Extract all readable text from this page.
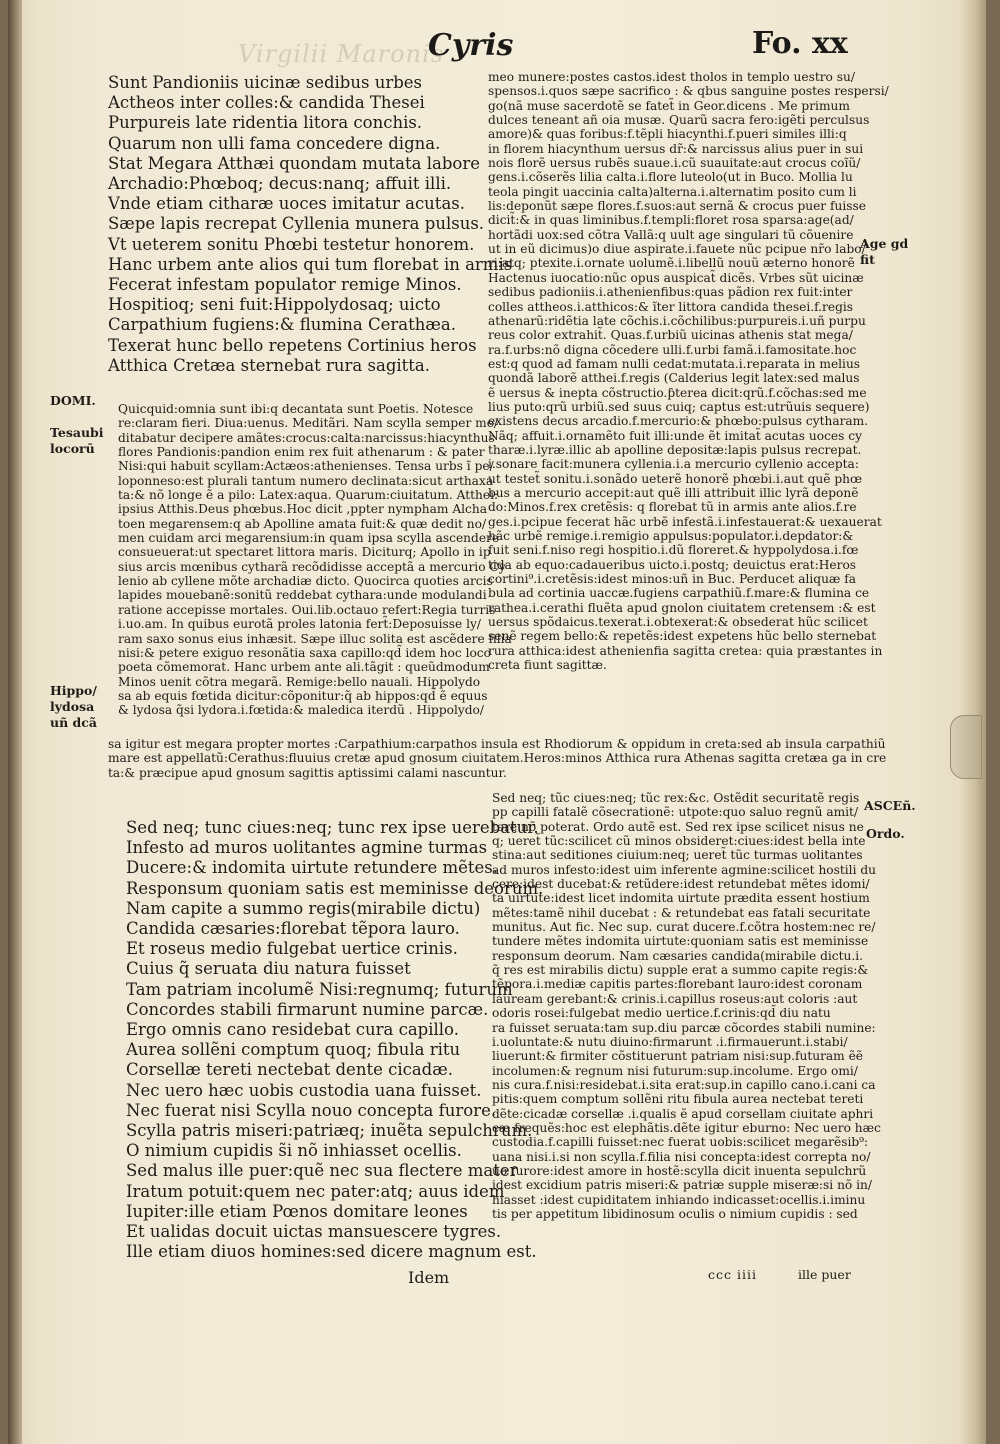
Virgilii Maronis
Cyris	Fo. xx
Sunt Pandioniis uicinæ sedibus urbes
Actheos inter colles:& candida Thesei
Purpureis late ridentia litora conchis.
Quarum non ulli fama concedere digna.
Stat Megara Atthæi quondam mutata labore
Archadio:Phœboq; decus:nanq; affuit illi.
Vnde etiam citharæ uoces imitatur acutas.
Sæpe lapis recrepat Cyllenia munera pulsus.
Vt ueterem sonitu Phœbi testetur honorem.
Hanc urbem ante alios qui tum florebat in armis
Fecerat infestam populator remige Minos.
Hospitioq; seni fuit:Hippolydosaq; uicto
Carpathium fugiens:& flumina Cerathæa.
Texerat hunc bello repetens Cortinius heros
Atthica Cretæa sternebat rura sagitta.
Quicquid:omnia sunt ibi:q decantata sunt Poetis. Notesce
re:claram fieri. Diua:uenus. Meditãri. Nam scylla semper me/
ditabatur decipere amãtes:crocus:calta:narcissus:hiacynthus
flores Pandionis:pandion enim rex fuit athenarum : & pater
Nisi:qui habuit scyllam:Actæos:athenienses. Tensa urbs ĩ pe/
loponneso:est plurali tantum numero declinata:sicut arthaxa
ta:& nõ longe ẽ a pilo: Latex:aqua. Quarum:ciuitatum. Atthei:
ipsius Atthis.Deus phœbus.Hoc dicit ,ppter nympham Alcha
toen megarensem:q ab Apolline amata fuit:& quæ dedit no/
men cuidam arci megarensium:in quam ipsa scylla ascendere
consueuerat:ut spectaret littora maris. Diciturq; Apollo in ip
sius arcis mœnibus cytharã recõdidisse acceptã a mercurio Cy
lenio ab cyllene mõte archadiæ dicto. Quocirca quoties arcis
lapides mouebanẽ:sonitũ reddebat cythara:unde modulandi
ratione accepisse mortales. Oui.lib.octauo refert:Regia turris
i.uo.am. In quibus eurotã proles latonia fert̃:Deposuisse ly/
ram saxo sonus eius inhæsit. Sæpe illuc solita est ascẽdere filia
nisi:& petere exiguo resonãtia saxa capillo:qd̃ idem hoc loco
poeta cõmemorat. Hanc urbem ante ali.tãgit : queũdmodum
Minos uenit cõtra megarã. Remige:bello nauali. Hippolydo
sa ab equis fœtida dicitur:cõponitur:q̃ ab hippos:qd̃ ẽ equus
& lydosa q̃si lydora.i.fœtida:& maledica iterdũ . Hippolydo/
sa igitur est megara propter mortes :Carpathium:carpathos insula est Rhodiorum & oppidum in creta:sed ab insula carpathiũ
mare est appellatũ:Cerathus:fluuius cretæ apud gnosum ciuitatem.Heros:minos Atthica rura Athenas sagitta cretæa ga in cre
ta:& præcipue apud gnosum sagittis aptissimi calami nascuntur.
meo munere:postes castos.idest tholos in templo uestro su/
spensos.i.quos sæpe sacrifico : & qbus sanguine postes respersi/
go(nã muse sacerdotẽ se fatet̃ in Geor.dicens . Me primum
dulces teneant añ oia musæ. Quarũ sacra fero:igẽti perculsus
amore)& quas foribus:f.tẽpli hiacynthi.f.pueri similes illi:q
in florem hiacynthum uersus dr̃:& narcissus alius puer in sui
nois florẽ uersus rubẽs suaue.i.cũ suauitate:aut crocus coĩũ/
gens.i.cõserẽs lilia calta.i.flore luteolo(ut in Buco. Mollia lu
teola pingit uaccinia calta)alterna.i.alternatim posito cum li
lis:deponũt sæpe flores.f.suos:aut sernã & crocus puer fuisse
dicit̃:& in quas liminibus.f.templi:floret rosa sparsa:age(ad/
hortãdi uox:sed cõtra Vallã:q uult age singulari tũ cõuenire
ut in eũ dicimus)o diue aspirate.i.fauete nũc pcipue nr̃o labo/
ri:atq; ptexite.i.ornate uolumẽ.i.libellũ nouũ æterno honorẽ
Hactenus iuocatio:nũc opus auspicat̃ dicẽs. Vrbes sũt uicinæ
sedibus padioniis.i.athenienfibus:quas pãdion rex fuit:inter
colles attheos.i.atthicos:& ĩter littora candida thesei.f.regis
athenarũ:ridẽtia late cõchis.i.cõchilibus:purpureis.i.uñ purpu
reus color extrahit̃. Quas.f.urbiũ uicinas athenis stat mega/
ra.f.urbs:nõ digna cõcedere ulli.f.urbi famã.i.famositate.hoc
est:q quod ad famam nulli cedat:mutata.i.reparata in melius
quondã laborẽ atthei.f.regis (Calderius legit latex:sed malus
ẽ uersus & inepta cõstructio.ƥterea dicit:qrũ.f.cõchas:sed me
lius puto:qrũ urbiũ.sed suus cuiq; captus est:utrũuis sequere)
existens decus arcadio.f.mercurio:& phœbo:pulsus cytharam.
Nãq; affuit.i.ornamẽto fuit illi:unde ẽt imitat̃ acutas uoces cy
tharæ.i.lyræ.illic ab apolline depositæ:lapis pulsus recrepat.
i.sonare facit:munera cyllenia.i.a mercurio cyllenio accepta:
ut testet̃ sonitu.i.sonãdo ueterẽ honorẽ phœbi.i.aut quẽ phœ
bus a mercurio accepit:aut quẽ illi attribuit illic lyrã deponẽ
do:Minos.f.rex cretẽsis: q florebat tũ in armis ante alios.f.re
ges.i.pcipue fecerat hãc urbẽ infestã.i.infestauerat:& uexauerat
hãc urbẽ remige.i.remigio appulsus:populator.i.depdator:&
fuit seni.f.niso regi hospitio.i.dũ floreret.& hyppolydosa.i.fœ
tida ab equo:cadaueribus uicto.i.postq; deuictus erat:Heros
cortini⁹.i.cretẽsis:idest minos:uñ in Buc. Perducet aliquæ fa
bula ad cortinia uaccæ.fugiens carpathiũ.f.mare:& flumina ce
rathea.i.cerathi fluẽta apud gnolon ciuitatem cretensem :& est
uersus spõdaicus.texerat.i.obtexerat:& obsederat hũc scilicet
senẽ regem bello:& repetẽs:idest expetens hũc bello sternebat
rura atthica:idest athenienfia sagitta cretea: quia præstantes in
creta fiunt sagittæ.
Sed neq; tunc ciues:neq; tunc rex ipse uerebatur.
Infesto ad muros uolitantes agmine turmas
Ducere:& indomita uirtute retundere mẽtes.
Responsum quoniam satis est meminisse deorum.
Nam capite a summo regis(mirabile dictu)
Candida cæsaries:florebat tẽpora lauro.
Et roseus medio fulgebat uertice crinis.
Cuius q̃ seruata diu natura fuisset
Tam patriam incolumẽ Nisi:regnumq; futurum
Concordes stabili firmarunt numine parcæ.
Ergo omnis cano residebat cura capillo.
Aurea sollẽni comptum quoq; fibula ritu
Corsellæ tereti nectebat dente cicadæ.
Nec uero hæc uobis custodia uana fuisset.
Nec fuerat nisi Scylla nouo concepta furore.
Scylla patris miseri:patriæq; inuẽta sepulchrum.
O nimium cupidis s̃i nõ inhiasset ocellis.
Sed malus ille puer:quẽ nec sua flectere mater
Iratum potuit:quem nec pater:atq; auus idem
Iupiter:ille etiam Pœnos domitare leones
Et ualidas docuit uictas mansuescere tygres.
Ille etiam diuos homines:sed dicere magnum est.
Sed neq; tũc ciues:neq; tũc rex:&c. Ostẽdit securitatẽ regis
pp capilli fatalẽ cõsecrationẽ: utpote:quo saluo regnũ amit/
tere nõ poterat. Ordo autẽ est. Sed rex ipse scilicet nisus ne
q; ueret̃ tũc:scilicet cũ minos obsideret:ciues:idest bella inte
stina:aut seditiones ciuium:neq; ueret̃ tũc turmas uolitantes
ad muros infesto:idest uim inferente agmine:scilicet hostili du
cere:idest ducebat:& retũdere:idest retundebat mẽtes idomi/
ta uirtute:idest licet indomita uirtute prædita essent hostium
mẽtes:tamẽ nihil ducebat : & retundebat eas fatali securitate
munitus. Aut fic. Nec sup. curat ducere.f.cõtra hostem:nec re/
tundere mẽtes indomita uirtute:quoniam satis est meminisse
responsum deorum. Nam cæsaries candida(mirabile dictu.i.
q̃ res est mirabilis dictu) supple erat a summo capite regis:&
tẽpora.i.mediæ capitis partes:florebant lauro:idest coronam
lauream gerebant:& crinis.i.capillus roseus:aut coloris :aut
odoris rosei:fulgebat medio uertice.f.crinis:qd̃ diu natu
ra fuisset seruata:tam sup.diu parcæ cõcordes stabili numine:
i.uoluntate:& nutu diuino:firmarunt .i.firmauerunt.i.stabi/
liuerunt:& firmiter cõstituerunt patriam nisi:sup.futuram ẽẽ
incolumen:& regnum nisi futurum:sup.incolume. Ergo omi/
nis cura.f.nisi:residebat.i.sita erat:sup.in capillo cano.i.cani ca
pitis:quem comptum sollẽni ritu fibula aurea nectebat tereti
dẽte:cicadæ corsellæ .i.qualis ẽ apud corsellam ciuitate aphri
cæ frequẽs:hoc est elephãtis.dẽte igitur eburno: Nec uero hæc
custodia.f.capilli fuisset:nec fuerat uobis:scilicet megarẽsib⁹:
uana nisi.i.si non scylla.f.filia nisi concepta:idest correpta no/
uo furore:idest amore in hostẽ:scylla dicit inuenta sepulchrũ
idest excidium patris miseri:& patriæ supple miseræ:si nõ in/
hiasset :idest cupiditatem inhiando indicasset:ocellis.i.iminu
tis per appetitum libidinosum oculis o nimium cupidis : sed
DOMI.
Tesaubi
locorū
Hippo/
lydosa
uñ dcã
Age gd
fit
ASCEñ.
Ordo.
Idem	ccc iiii	ille puer
